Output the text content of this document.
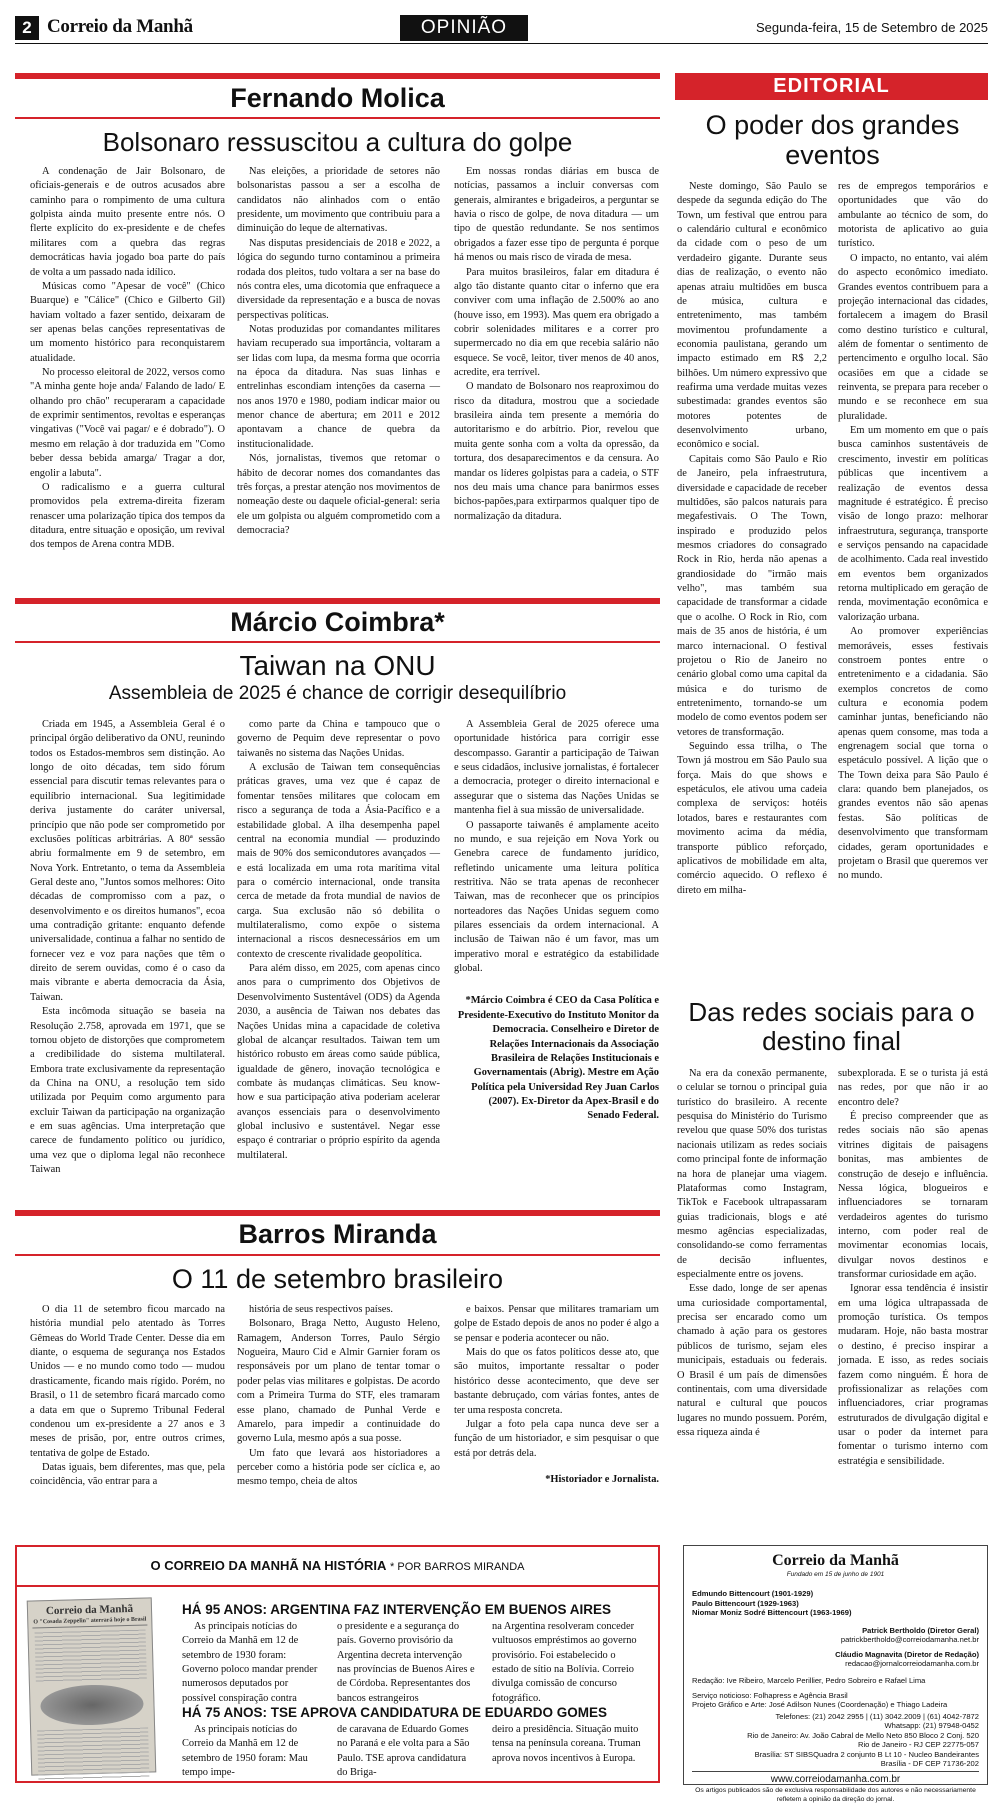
2 Correio da Manhã	OPINIÃO	Segunda-feira, 15 de Setembro de 2025
Fernando Molica
Bolsonaro ressuscitou a cultura do golpe

A condenação de Jair Bolsonaro, de oficiais-generais e de outros acusados abre caminho para o rompimento de uma cultura golpista ainda muito presente entre nós. O flerte explícito do ex-presidente e de chefes militares com a quebra das regras democráticas havia jogado boa parte do país de volta a um passado nada idílico.

Músicas como "Apesar de você" (Chico Buarque) e "Cálice" (Chico e Gilberto Gil) haviam voltado a fazer sentido, deixaram de ser apenas belas canções representativas de um momento histórico para reconquistarem atualidade.

No processo eleitoral de 2022, versos como "A minha gente hoje anda/ Falando de lado/ E olhando pro chão" recuperaram a capacidade de exprimir sentimentos, revoltas e esperanças vingativas ("Você vai pagar/ e é dobrado"). O mesmo em relação à dor traduzida em "Como beber dessa bebida amarga/ Tragar a dor, engolir a labuta".

O radicalismo e a guerra cultural promovidos pela extrema-direita fizeram renascer uma polarização típica dos tempos da ditadura, entre situação e oposição, um revival dos tempos de Arena contra MDB.

Nas eleições, a prioridade de setores não bolsonaristas passou a ser a escolha de candidatos não alinhados com o então presidente, um movimento que contribuiu para a diminuição do leque de alternativas.

Nas disputas presidenciais de 2018 e 2022, a lógica do segundo turno contaminou a primeira rodada dos pleitos, tudo voltara a ser na base do nós contra eles, uma dicotomia que enfraquece a diversidade da representação e a busca de novas perspectivas políticas.

Notas produzidas por comandantes militares haviam recuperado sua importância, voltaram a ser lidas com lupa, da mesma forma que ocorria na época da ditadura. Nas suas linhas e entrelinhas escondiam intenções da caserna — nos anos 1970 e 1980, podiam indicar maior ou menor chance de abertura; em 2011 e 2012 apontavam a chance de quebra da institucionalidade.

Nós, jornalistas, tivemos que retomar o hábito de decorar nomes dos comandantes das três forças, a prestar atenção nos movimentos de nomeação deste ou daquele oficial-general: seria ele um golpista ou alguém comprometido com a democracia?

Em nossas rondas diárias em busca de notícias, passamos a incluir conversas com generais, almirantes e brigadeiros, a perguntar se havia o risco de golpe, de nova ditadura — um tipo de questão redundante. Se nos sentimos obrigados a fazer esse tipo de pergunta é porque há menos ou mais risco de virada de mesa.

Para muitos brasileiros, falar em ditadura é algo tão distante quanto citar o inferno que era conviver com uma inflação de 2.500% ao ano (houve isso, em 1993). Mas quem era obrigado a cobrir solenidades militares e a correr pro supermercado no dia em que recebia salário não esquece. Se você, leitor, tiver menos de 40 anos, acredite, era terrível.

O mandato de Bolsonaro nos reaproximou do risco da ditadura, mostrou que a sociedade brasileira ainda tem presente a memória do autoritarismo e do arbítrio. Pior, revelou que muita gente sonha com a volta da opressão, da tortura, dos desaparecimentos e da censura. Ao mandar os líderes golpistas para a cadeia, o STF nos deu mais uma chance para banirmos esses bichos-papões,para extirparmos qualquer tipo de normalização da ditadura.

Márcio Coimbra*
Taiwan na ONU
Assembleia de 2025 é chance de corrigir desequilíbrio

Criada em 1945, a Assembleia Geral é o principal órgão deliberativo da ONU, reunindo todos os Estados-membros sem distinção. Ao longo de oito décadas, tem sido fórum essencial para discutir temas relevantes para o equilíbrio internacional. Sua legitimidade deriva justamente do caráter universal, princípio que não pode ser comprometido por exclusões políticas arbitrárias. A 80ª sessão abriu formalmente em 9 de setembro, em Nova York. Entretanto, o tema da Assembleia Geral deste ano, "Juntos somos melhores: Oito décadas de compromisso com a paz, o desenvolvimento e os direitos humanos", ecoa uma contradição gritante: enquanto defende universalidade, continua a falhar no sentido de fornecer vez e voz para nações que têm o direito de serem ouvidas, como é o caso da mais vibrante e aberta democracia da Ásia, Taiwan.

Esta incômoda situação se baseia na Resolução 2.758, aprovada em 1971, que se tornou objeto de distorções que comprometem a credibilidade do sistema multilateral. Embora trate exclusivamente da representação da China na ONU, a resolução tem sido utilizada por Pequim como argumento para excluir Taiwan da participação na organização e em suas agências. Uma interpretação que carece de fundamento político ou jurídico, uma vez que o diploma legal não reconhece Taiwan

como parte da China e tampouco que o governo de Pequim deve representar o povo taiwanês no sistema das Nações Unidas.

A exclusão de Taiwan tem consequências práticas graves, uma vez que é capaz de fomentar tensões militares que colocam em risco a segurança de toda a Ásia-Pacífico e a estabilidade global. A ilha desempenha papel central na economia mundial — produzindo mais de 90% dos semicondutores avançados — e está localizada em uma rota marítima vital para o comércio internacional, onde transita cerca de metade da frota mundial de navios de carga. Sua exclusão não só debilita o multilateralismo, como expõe o sistema internacional a riscos desnecessários em um contexto de crescente rivalidade geopolítica.

Para além disso, em 2025, com apenas cinco anos para o cumprimento dos Objetivos de Desenvolvimento Sustentável (ODS) da Agenda 2030, a ausência de Taiwan nos debates das Nações Unidas mina a capacidade de coletiva global de alcançar resultados. Taiwan tem um histórico robusto em áreas como saúde pública, igualdade de gênero, inovação tecnológica e combate às mudanças climáticas. Seu know-how e sua participação ativa poderiam acelerar avanços essenciais para o desenvolvimento global inclusivo e sustentável. Negar esse espaço é contrariar o próprio espírito da agenda multilateral.

A Assembleia Geral de 2025 oferece uma oportunidade histórica para corrigir esse descompasso. Garantir a participação de Taiwan e seus cidadãos, inclusive jornalistas, é fortalecer a democracia, proteger o direito internacional e assegurar que o sistema das Nações Unidas se mantenha fiel à sua missão de universalidade.

O passaporte taiwanês é amplamente aceito no mundo, e sua rejeição em Nova York ou Genebra carece de fundamento jurídico, refletindo unicamente uma leitura política restritiva. Não se trata apenas de reconhecer Taiwan, mas de reconhecer que os princípios norteadores das Nações Unidas seguem como pilares essenciais da ordem internacional. A inclusão de Taiwan não é um favor, mas um imperativo moral e estratégico da estabilidade global.

*Márcio Coimbra é CEO da Casa Política e Presidente-Executivo do Instituto Monitor da Democracia. Conselheiro e Diretor de Relações Internacionais da Associação Brasileira de Relações Institucionais e Governamentais (Abrig). Mestre em Ação Política pela Universidad Rey Juan Carlos (2007). Ex-Diretor da Apex-Brasil e do Senado Federal.

Barros Miranda
O 11 de setembro brasileiro

O dia 11 de setembro ficou marcado na história mundial pelo atentado às Torres Gêmeas do World Trade Center. Desse dia em diante, o esquema de segurança nos Estados Unidos — e no mundo como todo — mudou drasticamente, ficando mais rígido. Porém, no Brasil, o 11 de setembro ficará marcado como a data em que o Supremo Tribunal Federal condenou um ex-presidente a 27 anos e 3 meses de prisão, por, entre outros crimes, tentativa de golpe de Estado.

Datas iguais, bem diferentes, mas que, pela coincidência, vão entrar para a

história de seus respectivos países.

Bolsonaro, Braga Netto, Augusto Heleno, Ramagem, Anderson Torres, Paulo Sérgio Nogueira, Mauro Cid e Almir Garnier foram os responsáveis por um plano de tentar tomar o poder pelas vias militares e golpistas. De acordo com a Primeira Turma do STF, eles tramaram esse plano, chamado de Punhal Verde e Amarelo, para impedir a continuidade do governo Lula, mesmo após a sua posse.

Um fato que levará aos historiadores a perceber como a história pode ser cíclica e, ao mesmo tempo, cheia de altos

e baixos. Pensar que militares tramariam um golpe de Estado depois de anos no poder é algo a se pensar e poderia acontecer ou não.

Mais do que os fatos políticos desse ato, que são muitos, importante ressaltar o poder histórico desse acontecimento, que deve ser bastante debruçado, com várias fontes, antes de ter uma resposta concreta.

Julgar a foto pela capa nunca deve ser a função de um historiador, e sim pesquisar o que está por detrás dela.

*Historiador e Jornalista.

EDITORIAL
O poder dos grandes eventos

Neste domingo, São Paulo se despede da segunda edição do The Town, um festival que entrou para o calendário cultural e econômico da cidade com o peso de um verdadeiro gigante. Durante seus dias de realização, o evento não apenas atraiu multidões em busca de música, cultura e entretenimento, mas também movimentou profundamente a economia paulistana, gerando um impacto estimado em R$ 2,2 bilhões. Um número expressivo que reafirma uma verdade muitas vezes subestimada: grandes eventos são motores potentes de desenvolvimento urbano, econômico e social.

Capitais como São Paulo e Rio de Janeiro, pela infraestrutura, diversidade e capacidade de receber multidões, são palcos naturais para megafestivais. O The Town, inspirado e produzido pelos mesmos criadores do consagrado Rock in Rio, herda não apenas a grandiosidade do "irmão mais velho", mas também sua capacidade de transformar a cidade que o acolhe. O Rock in Rio, com mais de 35 anos de história, é um marco internacional. O festival projetou o Rio de Janeiro no cenário global como uma capital da música e do turismo de entretenimento, tornando-se um modelo de como eventos podem ser vetores de transformação.

Seguindo essa trilha, o The Town já mostrou em São Paulo sua força. Mais do que shows e espetáculos, ele ativou uma cadeia complexa de serviços: hotéis lotados, bares e restaurantes com movimento acima da média, transporte público reforçado, aplicativos de mobilidade em alta, comércio aquecido. O reflexo é direto em milha-

res de empregos temporários e oportunidades que vão do ambulante ao técnico de som, do motorista de aplicativo ao guia turístico.

O impacto, no entanto, vai além do aspecto econômico imediato. Grandes eventos contribuem para a projeção internacional das cidades, fortalecem a imagem do Brasil como destino turístico e cultural, além de fomentar o sentimento de pertencimento e orgulho local. São ocasiões em que a cidade se reinventa, se prepara para receber o mundo e se reconhece em sua pluralidade.

Em um momento em que o país busca caminhos sustentáveis de crescimento, investir em políticas públicas que incentivem a realização de eventos dessa magnitude é estratégico. É preciso visão de longo prazo: melhorar infraestrutura, segurança, transporte e serviços pensando na capacidade de acolhimento. Cada real investido em eventos bem organizados retorna multiplicado em geração de renda, movimentação econômica e valorização urbana.

Ao promover experiências memoráveis, esses festivais constroem pontes entre o entretenimento e a cidadania. São exemplos concretos de como cultura e economia podem caminhar juntas, beneficiando não apenas quem consome, mas toda a engrenagem social que torna o espetáculo possível. A lição que o The Town deixa para São Paulo é clara: quando bem planejados, os grandes eventos não são apenas festas. São políticas de desenvolvimento que transformam cidades, geram oportunidades e projetam o Brasil que queremos ver no mundo.

Das redes sociais para o destino final

Na era da conexão permanente, o celular se tornou o principal guia turístico do brasileiro. A recente pesquisa do Ministério do Turismo revelou que quase 50% dos turistas nacionais utilizam as redes sociais como principal fonte de informação na hora de planejar uma viagem. Plataformas como Instagram, TikTok e Facebook ultrapassaram guias tradicionais, blogs e até mesmo agências especializadas, consolidando-se como ferramentas de decisão influentes, especialmente entre os jovens.

Esse dado, longe de ser apenas uma curiosidade comportamental, precisa ser encarado como um chamado à ação para os gestores públicos de turismo, sejam eles municipais, estaduais ou federais. O Brasil é um país de dimensões continentais, com uma diversidade natural e cultural que poucos lugares no mundo possuem. Porém, essa riqueza ainda é

subexplorada. E se o turista já está nas redes, por que não ir ao encontro dele?

É preciso compreender que as redes sociais não são apenas vitrines digitais de paisagens bonitas, mas ambientes de construção de desejo e influência. Nessa lógica, blogueiros e influenciadores se tornaram verdadeiros agentes do turismo interno, com poder real de movimentar economias locais, divulgar novos destinos e transformar curiosidade em ação.

Ignorar essa tendência é insistir em uma lógica ultrapassada de promoção turística. Os tempos mudaram. Hoje, não basta mostrar o destino, é preciso inspirar a jornada. E isso, as redes sociais fazem como ninguém. É hora de profissionalizar as relações com influenciadores, criar programas estruturados de divulgação digital e usar o poder da internet para fomentar o turismo interno com estratégia e sensibilidade.

O CORREIO DA MANHÃ NA HISTÓRIA * POR BARROS MIRANDA
Correio da Manhã
O "Cosada Zeppelin" aterrará hoje o Brasil
HÁ 95 ANOS: ARGENTINA FAZ INTERVENÇÃO EM BUENOS AIRES

As principais notícias do Correio da Manhã em 12 de setembro de 1930 foram: Governo poloco mandar prender numerosos deputados por possível conspiração contra

o presidente e a segurança do país. Governo provisório da Argentina decreta intervenção nas províncias de Buenos Aires e de Córdoba. Representantes dos bancos estrangeiros

na Argentina resolveram conceder vultuosos empréstimos ao governo provisório. Foi estabelecido o estado de sítio na Bolívia. Correio divulga comissão de concurso fotográfico.

HÁ 75 ANOS: TSE APROVA CANDIDATURA DE EDUARDO GOMES

As principais notícias do Correio da Manhã em 12 de setembro de 1950 foram: Mau tempo impe-

de caravana de Eduardo Gomes no Paraná e ele volta para a São Paulo. TSE aprova candidatura do Briga-

deiro a presidência. Situação muito tensa na península coreana. Truman aprova novos incentivos à Europa.

Correio da Manhã
Fundado em 15 de junho de 1901
Edmundo Bittencourt (1901-1929)
Paulo Bittencourt (1929-1963)
Niomar Moniz Sodré Bittencourt (1963-1969)
Patrick Bertholdo (Diretor Geral)
patrickbertholdo@correiodamanha.net.br
Cláudio Magnavita (Diretor de Redação)
redacao@jornalcorreiodamanha.com.br
Redação: Ive Ribeiro, Marcelo Perillier, Pedro Sobreiro e Rafael Lima
Serviço noticioso: Folhapress e Agência Brasil
Projeto Gráfico e Arte: José Adilson Nunes (Coordenação) e Thiago Ladeira
Telefones: (21) 2042 2955 | (11) 3042.2009 | (61) 4042-7872
Whatsapp: (21) 97948-0452
Rio de Janeiro: Av. João Cabral de Mello Neto 850 Bloco 2 Conj. 520
Rio de Janeiro - RJ CEP 22775-057
Brasília: ST SIBSQuadra 2 conjunto B Lt 10 - Nucleo Bandeirantes
Brasília - DF CEP 71736-202
www.correiodamanha.com.br
Os artigos publicados são de exclusiva responsabilidade dos autores e não necessariamente refletem a opinião da direção do jornal.
